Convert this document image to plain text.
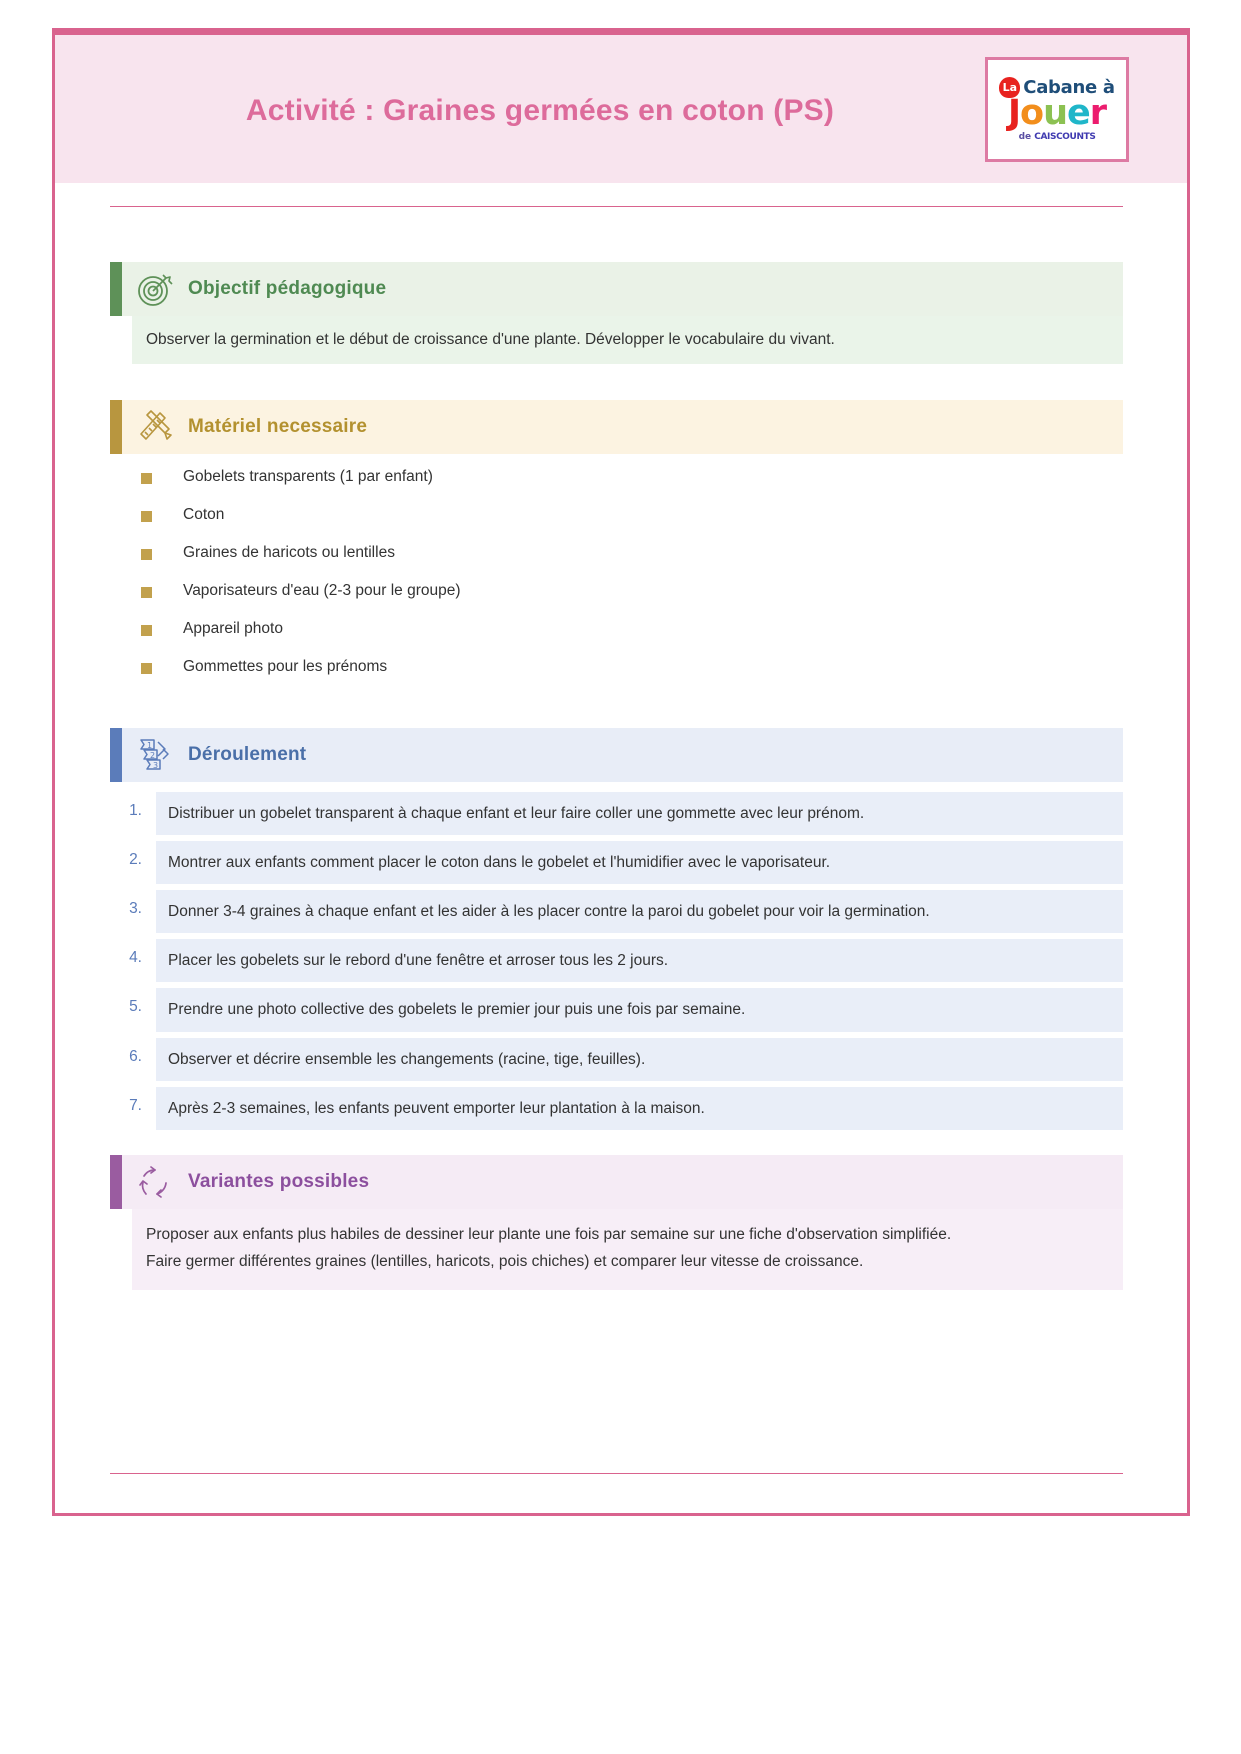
Activité : Graines germées en coton (PS)
La Cabane à
Jouer
de CAISCOUNTS
Objectif pédagogique
Observer la germination et le début de croissance d'une plante. Développer le vocabulaire du vivant.
Matériel necessaire
Gobelets transparents (1 par enfant)
Coton
Graines de haricots ou lentilles
Vaporisateurs d'eau (2-3 pour le groupe)
Appareil photo
Gommettes pour les prénoms
1
2
3
Déroulement
1.	Distribuer un gobelet transparent à chaque enfant et leur faire coller une gommette avec leur prénom.
2.	Montrer aux enfants comment placer le coton dans le gobelet et l'humidifier avec le vaporisateur.
3.	Donner 3-4 graines à chaque enfant et les aider à les placer contre la paroi du gobelet pour voir la germination.
4.	Placer les gobelets sur le rebord d'une fenêtre et arroser tous les 2 jours.
5.	Prendre une photo collective des gobelets le premier jour puis une fois par semaine.
6.	Observer et décrire ensemble les changements (racine, tige, feuilles).
7.	Après 2-3 semaines, les enfants peuvent emporter leur plantation à la maison.
Variantes possibles

Proposer aux enfants plus habiles de dessiner leur plante une fois par semaine sur une fiche d'observation simplifiée.

Faire germer différentes graines (lentilles, haricots, pois chiches) et comparer leur vitesse de croissance.
